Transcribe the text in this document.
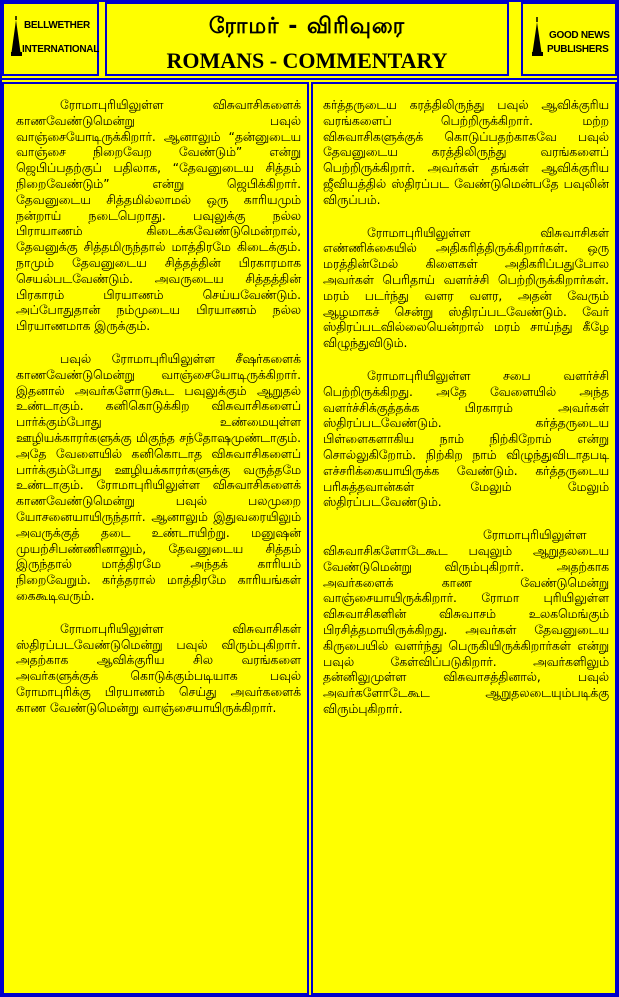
BELLWETHER
INTERNATIONAL
ரோமர் - விரிவுரை
ROMANS - COMMENTARY
GOOD NEWS
PUBLISHERS

ரோமாபுரியிலுள்ள விசுவாசிகளைக் காணவேண்டுமென்று பவுல் வாஞ்சையோடிருக்கிறார். ஆனாலும் “தன்னுடைய வாஞ்சை நிறைவேற வேண்டும்” என்று ஜெபிப்பதற்குப் பதிலாக, “தேவனுடைய சித்தம் நிறைவேண்டும்” என்று ஜெபிக்கிறார். தேவனுடைய சித்தமில்லாமல் ஒரு காரியமும் நன்றாய் நடைபெறாது. பவுலுக்கு நல்ல பிராயாணம் கிடைக்கவேண்டுமென்றால், தேவனுக்கு சித்தமிருந்தால் மாத்திரமே கிடைக்கும். நாமும் தேவனுடைய சித்தத்தின் பிரகாரமாக செயல்படவேண்டும். அவருடைய சித்தத்தின் பிரகாரம் பிரயாணம் செய்யவேண்டும். அப்போதுதான் நம்முடைய பிரயாணம் நல்ல பிரயாணமாக இருக்கும்.

பவுல் ரோமாபுரியிலுள்ள சீஷர்களைக் காணவேண்டுமென்று வாஞ்சையோடிருக்கிறார். இதனால் அவர்களோடுகூட பவுலுக்கும் ஆறுதல் உண்டாகும். கனிகொடுக்கிற விசுவாசிகளைப் பார்க்கும்போது உண்மையுள்ள ஊழியக்காரர்களுக்கு மிகுந்த சந்தோஷமுண்டாகும். அதே வேளையில் கனிகொடாத விசுவாசிகளைப் பார்க்கும்போது ஊழியக்காரர்களுக்கு வருத்தமே உண்டாகும். ரோமாபுரியிலுள்ள விசுவாசிகளைக் காணவேண்டுமென்று பவுல் பலமுறை யோசனையாயிருந்தார். ஆனாலும் இதுவரையிலும் அவருக்குத் தடை உண்டாயிற்று. மனுஷன் முயற்சிபண்ணினாலும், தேவனுடைய சித்தம் இருந்தால் மாத்திரமே அந்தக் காரியம் நிறைவேறும். கர்த்தரால் மாத்திரமே காரியங்கள் கைகூடிவரும்.

ரோமாபுரியிலுள்ள விசுவாசிகள் ஸ்திரப்படவேண்டுமென்று பவுல் விரும்புகிறார். அதற்காக ஆவிக்குரிய சில வரங்களை அவர்களுக்குக் கொடுக்கும்படியாக பவுல் ரோமாபுரிக்கு பிரயாணம் செய்து அவர்களைக் காண வேண்டுமென்று வாஞ்சையாயிருக்கிறார்.

கர்த்தருடைய கரத்திலிருந்து பவுல் ஆவிக்குரிய வரங்களைப் பெற்றிருக்கிறார். மற்ற விசுவாசிகளுக்குக் கொடுப்பதற்காகவே பவுல் தேவனுடைய கரத்திலிருந்து வரங்களைப் பெற்றிருக்கிறார். அவர்கள் தங்கள் ஆவிக்குரிய ஜீவியத்தில் ஸ்திரப்பட வேண்டுமென்பதே பவுலின் விருப்பம்.

ரோமாபுரியிலுள்ள விசுவாசிகள் எண்ணிக்கையில் அதிகரித்திருக்கிறார்கள். ஒரு மரத்தின்மேல் கிளைகள் அதிகரிப்பதுபோல அவர்கள் பெரிதாய் வளர்ச்சி பெற்றிருக்கிறார்கள். மரம் படர்ந்து வளர வளர, அதன் வேரும் ஆழமாகச் சென்று ஸ்திரப்படவேண்டும். வேர் ஸ்திரப்படவில்லையென்றால் மரம் சாய்ந்து கீழே விழுந்துவிடும்.

ரோமாபுரியிலுள்ள சபை வளர்ச்சி பெற்றிருக்கிறது. அதே வேளையில் அந்த வளர்ச்சிக்குத்தக்க பிரகாரம் அவர்கள் ஸ்திரப்படவேண்டும். கர்த்தருடைய பிள்ளைகளாகிய நாம் நிற்கிறோம் என்று சொல்லுகிறோம். நிற்கிற நாம் விழுந்துவிடாதபடி எச்சரிக்கையாயிருக்க வேண்டும். கர்த்தருடைய பரிசுத்தவான்கள் மேலும் மேலும் ஸ்திரப்படவேண்டும்.

ரோமாபுரியிலுள்ள விசுவாசிகளோடேகூட பவுலும் ஆறுதலடைய வேண்டுமென்று விரும்புகிறார். அதற்காக அவர்களைக் காண வேண்டுமென்று வாஞ்சையாயிருக்கிறார். ரோமா புரியிலுள்ள விசுவாசிகளின் விசுவாசம் உலகமெங்கும் பிரசித்தமாயிருக்கிறது. அவர்கள் தேவனுடைய கிருபையில் வளர்ந்து பெருகியிருக்கிறார்கள் என்று பவுல் கேள்விப்படுகிறார். அவர்களிலும் தன்னிலுமுள்ள விசுவாசத்தினால், பவுல் அவர்களோடேகூட ஆறுதலடையும்படிக்கு விரும்புகிறார்.
